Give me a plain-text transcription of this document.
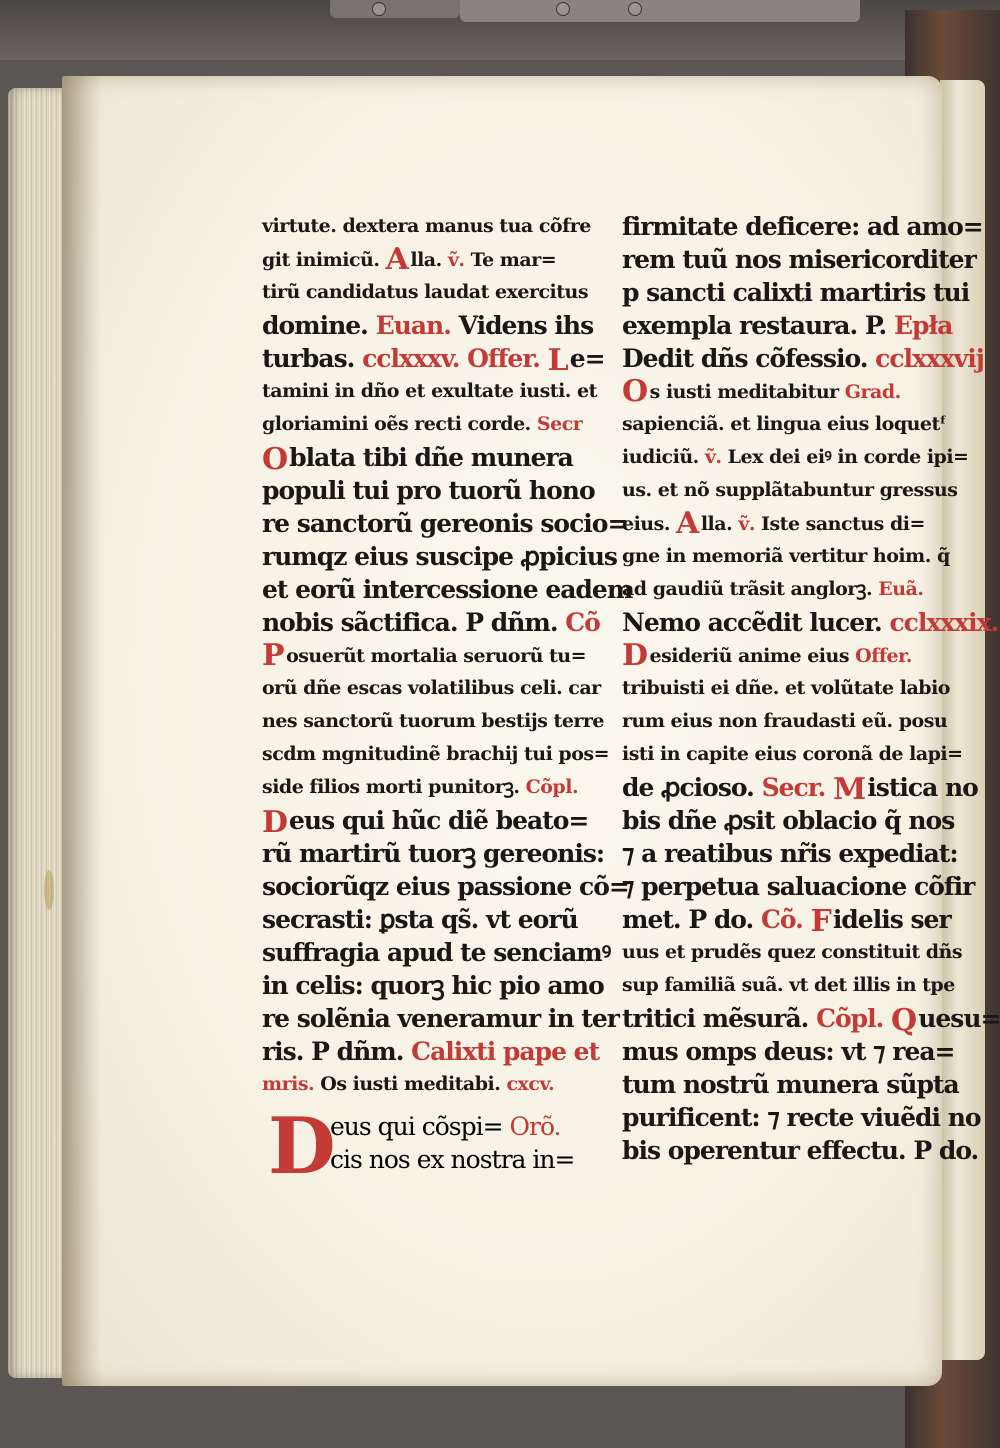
virtute. dextera manus tua cõfre
git inimicũ. A lla. ṽ. Te mar=
tirũ candidatus laudat exercitus
domine. Euan. Videns ihs
turbas. cclxxxv. Offer. Le=
tamini in dño et exultate iusti. et
gloriamini oẽs recti corde. Secr
Oblata tibi dñe munera
populi tui pro tuorũ hono
re sanctorũ gereonis socio=
rumqz eius suscipe ꝓpicius
et eorũ intercessione eadem
nobis sãctifica. P dñm. Cõ
Posuerũt mortalia seruorũ tu=
orũ dñe escas volatilibus celi. car
nes sanctorũ tuorum bestijs terre
scdm mgnitudinẽ brachij tui pos=
side filios morti punitorꝫ. Cõpl.
Deus qui hũc diẽ beato=
rũ martirũ tuorꝫ gereonis:
sociorũqz eius passione cõ=
secrasti: ꝑsta qs̃. vt eorũ
suffragia apud te senciamꝰ
in celis: quorꝫ hic pio amo
re solẽnia veneramur in ter
ris. P dñm. Calixti pape et
mris. Os iusti meditabi. cxcv.
D
eus qui cõspi= Orõ.
cis nos ex nostra in=
firmitate deficere: ad amo=
rem tuũ nos misericorditer
p sancti calixti martiris tui
exempla restaura. P. Epła
Dedit dñs cõfessio. cclxxxvij
Os iusti meditabitur Grad.
sapienciã. et lingua eius loquetᶠ
iudiciũ. ṽ. Lex dei eiꝰ in corde ipi=
us. et nõ supplãtabuntur gressus
eius. A lla. ṽ. Iste sanctus di=
gne in memoriã vertitur hoim. q̃
ad gaudiũ trãsit anglorꝫ. Euã.
Nemo accẽdit lucer. cclxxxix.
Desideriũ anime eius Offer.
tribuisti ei dñe. et volũtate labio
rum eius non fraudasti eũ. posu
isti in capite eius coronã de lapi=
de ꝓcioso. Secr. Mistica no
bis dñe ꝓsit oblacio q̃ nos
⁊ a reatibus nr̃is expediat:
⁊ perpetua saluacione cõfir
met. P do. Cõ. Fidelis ser
uus et prudẽs quez constituit dñs
sup familiã suã. vt det illis in tpe
tritici mẽsurã. Cõpl. Quesu=
mus omps deus: vt ⁊ rea=
tum nostrũ munera sũpta
purificent: ⁊ recte viuẽdi no
bis operentur effectu. P do.
